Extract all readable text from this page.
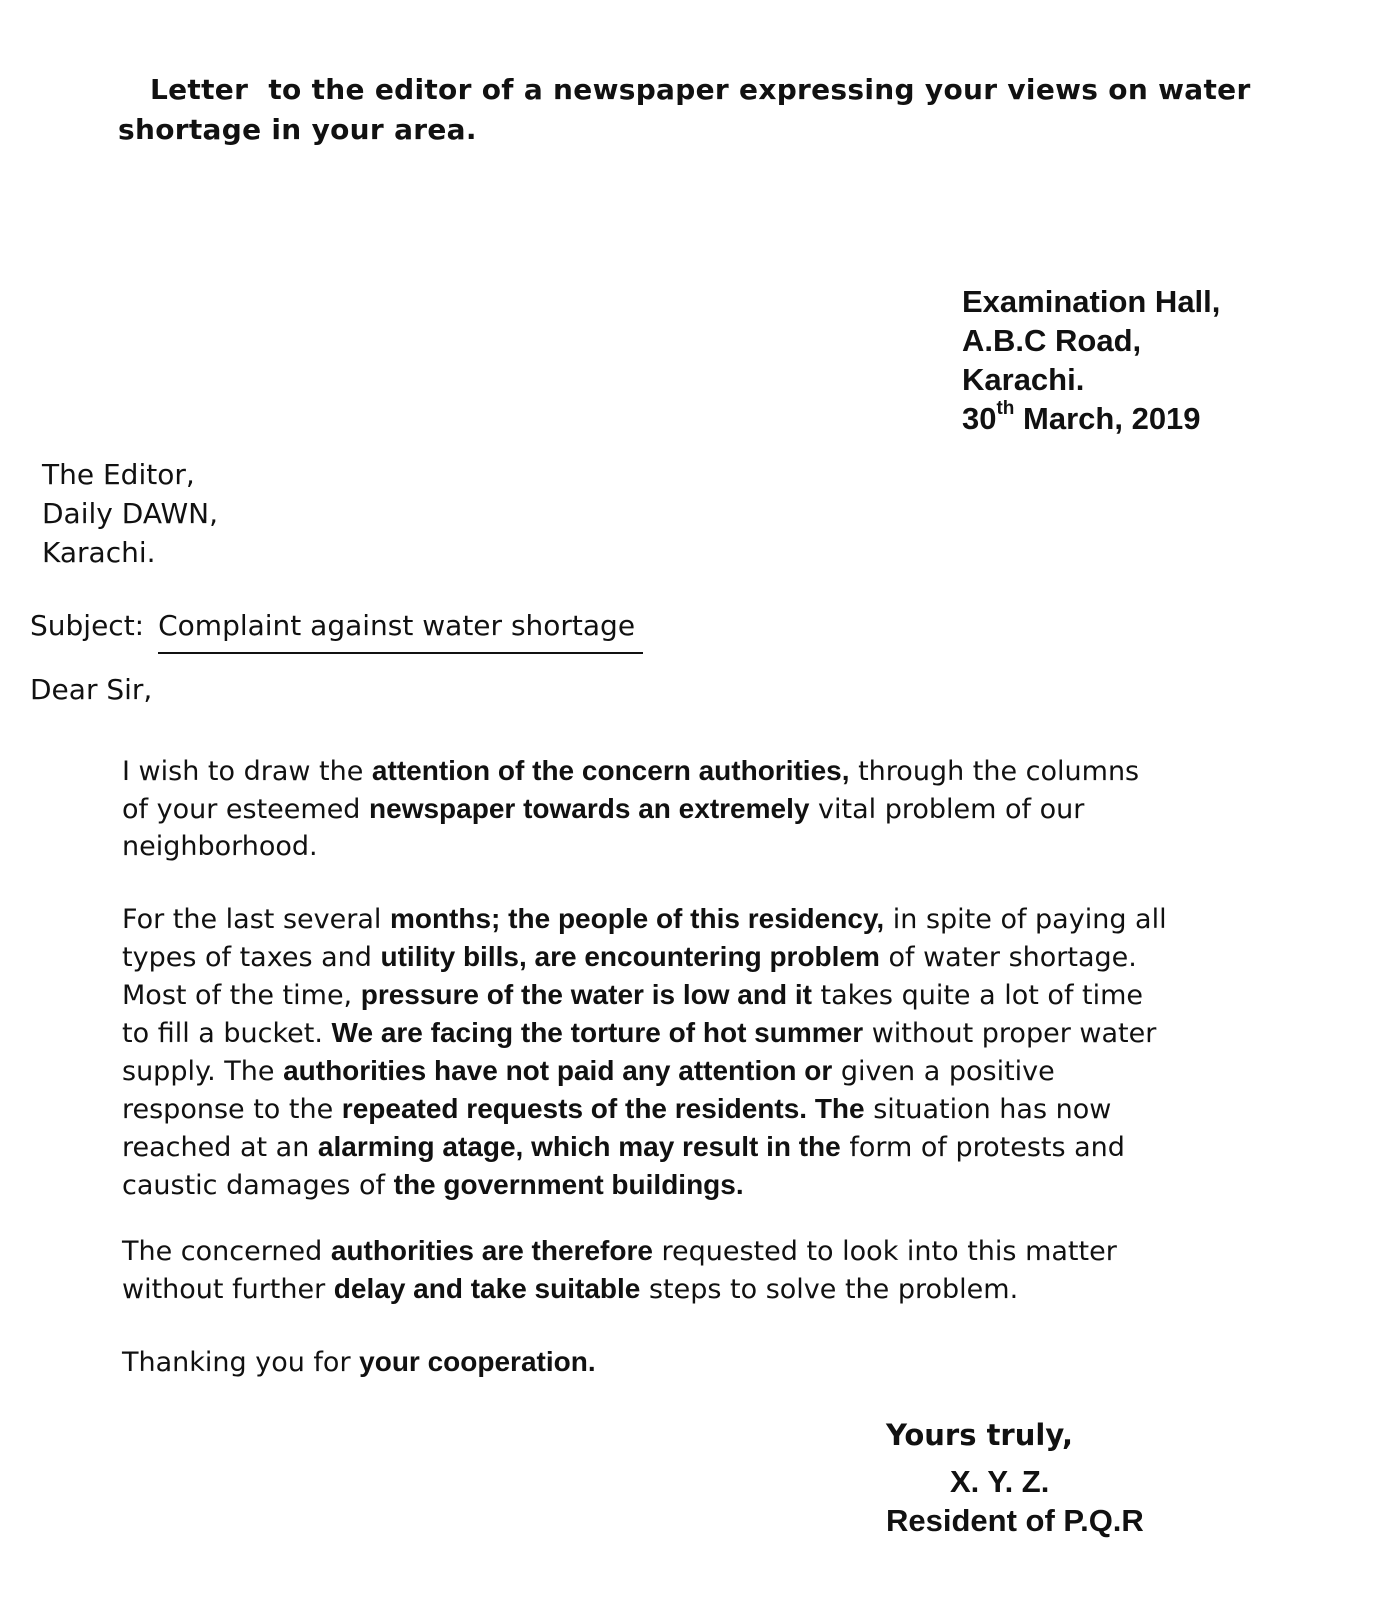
Letter to the editor of a newspaper expressing your views on water
shortage in your area.
Examination Hall,
A.B.C Road,
Karachi.
30th March, 2019
The Editor,
Daily DAWN,
Karachi.
Subject: Complaint against water shortage
Dear Sir,
I wish to draw the attention of the concern authorities, through the columns
of your esteemed newspaper towards an extremely vital problem of our
neighborhood.
For the last several months; the people of this residency, in spite of paying all
types of taxes and utility bills, are encountering problem of water shortage.
Most of the time, pressure of the water is low and it takes quite a lot of time
to fill a bucket. We are facing the torture of hot summer without proper water
supply. The authorities have not paid any attention or given a positive
response to the repeated requests of the residents. The situation has now
reached at an alarming atage, which may result in the form of protests and
caustic damages of the government buildings.
The concerned authorities are therefore requested to look into this matter
without further delay and take suitable steps to solve the problem.
Thanking you for your cooperation.
Yours truly,
X. Y. Z.
Resident of P.Q.R
